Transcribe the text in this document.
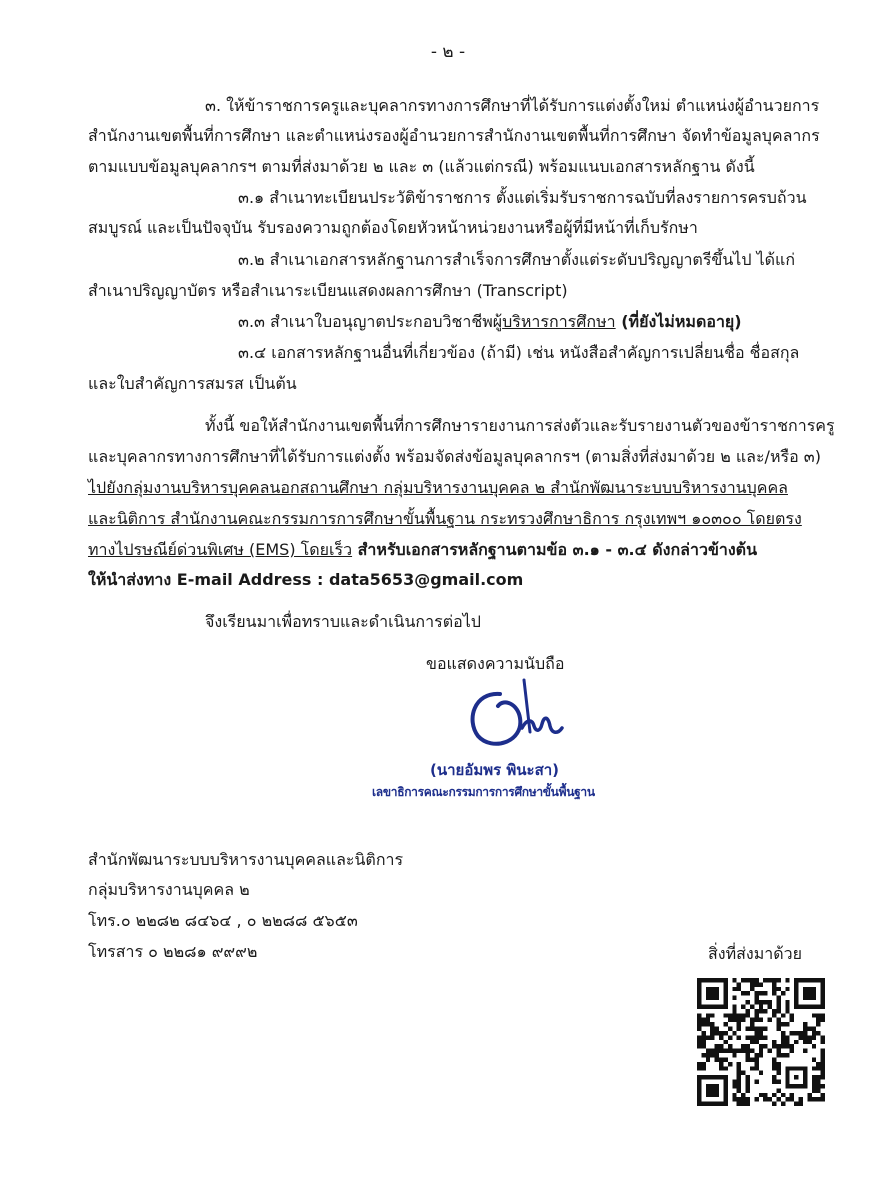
- ๒ -
๓. ให้ข้าราชการครูและบุคลากรทางการศึกษาที่ได้รับการแต่งตั้งใหม่ ตำแหน่งผู้อำนวยการ
สำนักงานเขตพื้นที่การศึกษา และตำแหน่งรองผู้อำนวยการสำนักงานเขตพื้นที่การศึกษา จัดทำข้อมูลบุคลากร
ตามแบบข้อมูลบุคลากรฯ ตามที่ส่งมาด้วย ๒ และ ๓ (แล้วแต่กรณี) พร้อมแนบเอกสารหลักฐาน ดังนี้
๓.๑ สำเนาทะเบียนประวัติข้าราชการ ตั้งแต่เริ่มรับราชการฉบับที่ลงรายการครบถ้วน
สมบูรณ์ และเป็นปัจจุบัน รับรองความถูกต้องโดยหัวหน้าหน่วยงานหรือผู้ที่มีหน้าที่เก็บรักษา
๓.๒ สำเนาเอกสารหลักฐานการสำเร็จการศึกษาตั้งแต่ระดับปริญญาตรีขึ้นไป ได้แก่
สำเนาปริญญาบัตร หรือสำเนาระเบียนแสดงผลการศึกษา (Transcript)
๓.๓ สำเนาใบอนุญาตประกอบวิชาชีพผู้บริหารการศึกษา (ที่ยังไม่หมดอายุ)
๓.๔ เอกสารหลักฐานอื่นที่เกี่ยวข้อง (ถ้ามี) เช่น หนังสือสำคัญการเปลี่ยนชื่อ ชื่อสกุล
และใบสำคัญการสมรส เป็นต้น
ทั้งนี้ ขอให้สำนักงานเขตพื้นที่การศึกษารายงานการส่งตัวและรับรายงานตัวของข้าราชการครู
และบุคลากรทางการศึกษาที่ได้รับการแต่งตั้ง พร้อมจัดส่งข้อมูลบุคลากรฯ (ตามสิ่งที่ส่งมาด้วย ๒ และ/หรือ ๓)
ไปยังกลุ่มงานบริหารบุคคลนอกสถานศึกษา กลุ่มบริหารงานบุคคล ๒ สำนักพัฒนาระบบบริหารงานบุคคล
และนิติการ สำนักงานคณะกรรมการการศึกษาขั้นพื้นฐาน กระทรวงศึกษาธิการ กรุงเทพฯ ๑๐๓๐๐ โดยตรง
ทางไปรษณีย์ด่วนพิเศษ (EMS) โดยเร็ว สำหรับเอกสารหลักฐานตามข้อ ๓.๑ - ๓.๔ ดังกล่าวข้างต้น
ให้นำส่งทาง E-mail Address : data5653@gmail.com
จึงเรียนมาเพื่อทราบและดำเนินการต่อไป
ขอแสดงความนับถือ
(นายอัมพร พินะสา)
เลขาธิการคณะกรรมการการศึกษาขั้นพื้นฐาน
สำนักพัฒนาระบบบริหารงานบุคคลและนิติการ
กลุ่มบริหารงานบุคคล ๒
โทร.๐ ๒๒๘๒ ๘๔๖๔ , ๐ ๒๒๘๘ ๕๖๕๓
โทรสาร ๐ ๒๒๘๑ ๙๙๙๒	สิ่งที่ส่งมาด้วย
